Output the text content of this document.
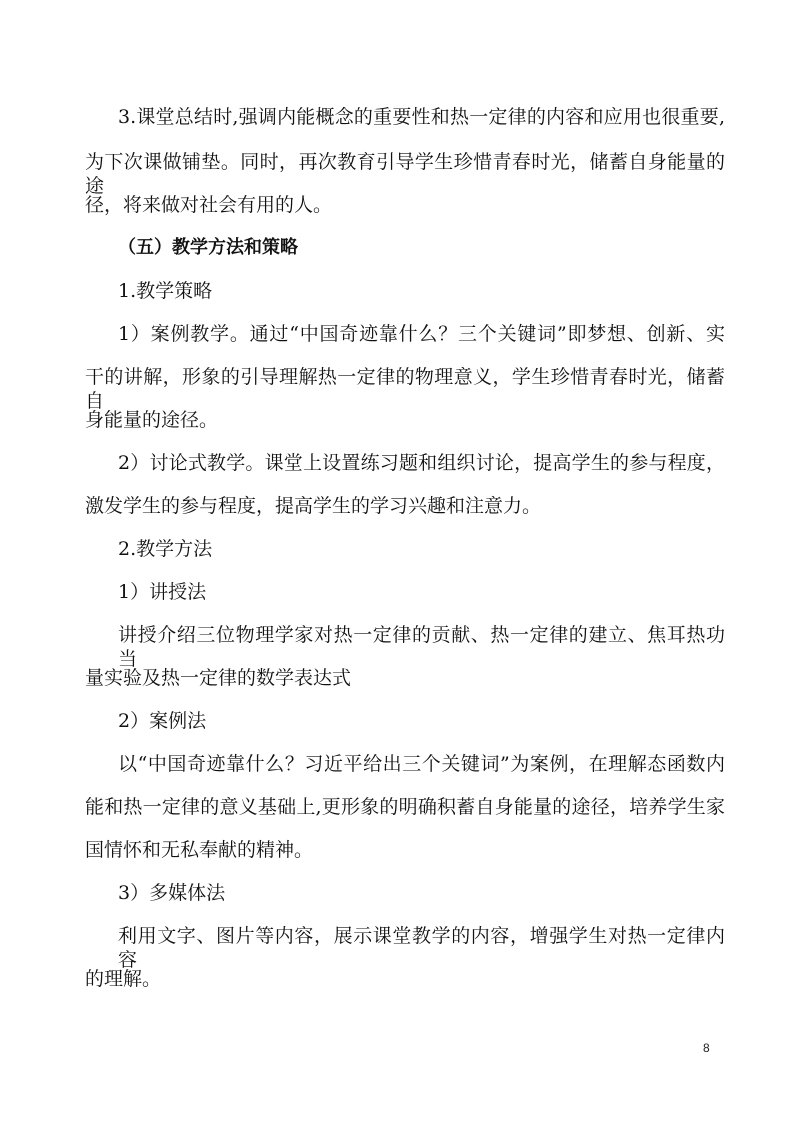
3.课堂总结时,强调内能概念的重要性和热一定律的内容和应用也很重要,
为下次课做铺垫。同时，再次教育引导学生珍惜青春时光，储蓄自身能量的途
径，将来做对社会有用的人。
（五）教学方法和策略
1.教学策略
1）案例教学。通过“中国奇迹靠什么？三个关键词”即梦想、创新、实
干的讲解，形象的引导理解热一定律的物理意义，学生珍惜青春时光，储蓄自
身能量的途径。
2）讨论式教学。课堂上设置练习题和组织讨论，提高学生的参与程度，
激发学生的参与程度，提高学生的学习兴趣和注意力。
2.教学方法
1）讲授法
讲授介绍三位物理学家对热一定律的贡献、热一定律的建立、焦耳热功当
量实验及热一定律的数学表达式
2）案例法
以“中国奇迹靠什么？习近平给出三个关键词”为案例，在理解态函数内
能和热一定律的意义基础上,更形象的明确积蓄自身能量的途径，培养学生家
国情怀和无私奉献的精神。
3）多媒体法
利用文字、图片等内容，展示课堂教学的内容，增强学生对热一定律内容
的理解。
8
